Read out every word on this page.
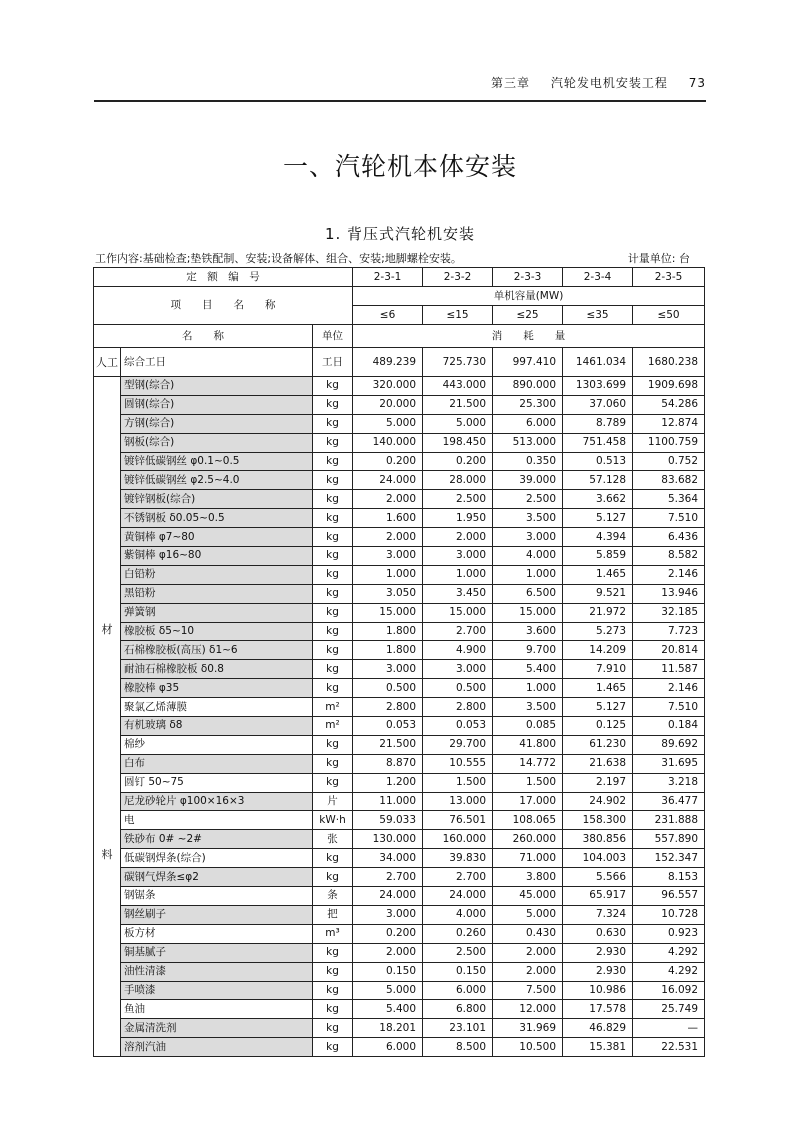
第三章 汽轮发电机安装工程 73
一、汽轮机本体安装
1. 背压式汽轮机安装
工作内容:基础检查;垫铁配制、安装;设备解体、组合、安装;地脚螺栓安装。	计量单位: 台
定　额　编　号			2-3-1	2-3-2	2-3-3	2-3-4	2-3-5
项　　目　　名　　称			单机容量(MW)				
			≤6	≤15	≤25	≤35	≤50
名　　称		单位	消　　耗　　量				
人工	综合工日	工日	489.239	725.730	997.410	1461.034	1680.238

材
料	型钢(综合)	kg	320.000	443.000	890.000	1303.699	1909.698
	圆钢(综合)	kg	20.000	21.500	25.300	37.060	54.286
	方钢(综合)	kg	5.000	5.000	6.000	8.789	12.874
	钢板(综合)	kg	140.000	198.450	513.000	751.458	1100.759
	镀锌低碳钢丝 φ0.1~0.5	kg	0.200	0.200	0.350	0.513	0.752
	镀锌低碳钢丝 φ2.5~4.0	kg	24.000	28.000	39.000	57.128	83.682
	镀锌钢板(综合)	kg	2.000	2.500	2.500	3.662	5.364
	不锈钢板 δ0.05~0.5	kg	1.600	1.950	3.500	5.127	7.510
	黄铜棒 φ7~80	kg	2.000	2.000	3.000	4.394	6.436
	紫铜棒 φ16~80	kg	3.000	3.000	4.000	5.859	8.582
	白铅粉	kg	1.000	1.000	1.000	1.465	2.146
	黑铅粉	kg	3.050	3.450	6.500	9.521	13.946
	弹簧钢	kg	15.000	15.000	15.000	21.972	32.185
	橡胶板 δ5~10	kg	1.800	2.700	3.600	5.273	7.723
	石棉橡胶板(高压) δ1~6	kg	1.800	4.900	9.700	14.209	20.814
	耐油石棉橡胶板 δ0.8	kg	3.000	3.000	5.400	7.910	11.587
	橡胶棒 φ35	kg	0.500	0.500	1.000	1.465	2.146
	聚氯乙烯薄膜	m²	2.800	2.800	3.500	5.127	7.510
	有机玻璃 δ8	m²	0.053	0.053	0.085	0.125	0.184
	棉纱	kg	21.500	29.700	41.800	61.230	89.692
	白布	kg	8.870	10.555	14.772	21.638	31.695
	圆钉 50~75	kg	1.200	1.500	1.500	2.197	3.218
	尼龙砂轮片 φ100×16×3	片	11.000	13.000	17.000	24.902	36.477
	电	kW·h	59.033	76.501	108.065	158.300	231.888
	铁砂布 0# ~2#	张	130.000	160.000	260.000	380.856	557.890
	低碳钢焊条(综合)	kg	34.000	39.830	71.000	104.003	152.347
	碳钢气焊条≤φ2	kg	2.700	2.700	3.800	5.566	8.153
	钢锯条	条	24.000	24.000	45.000	65.917	96.557
	钢丝刷子	把	3.000	4.000	5.000	7.324	10.728
	板方材	m³	0.200	0.260	0.430	0.630	0.923
	铜基腻子	kg	2.000	2.500	2.000	2.930	4.292
	油性清漆	kg	0.150	0.150	2.000	2.930	4.292
	手喷漆	kg	5.000	6.000	7.500	10.986	16.092
	鱼油	kg	5.400	6.800	12.000	17.578	25.749
	金属清洗剂	kg	18.201	23.101	31.969	46.829	—
	溶剂汽油	kg	6.000	8.500	10.500	15.381	22.531
